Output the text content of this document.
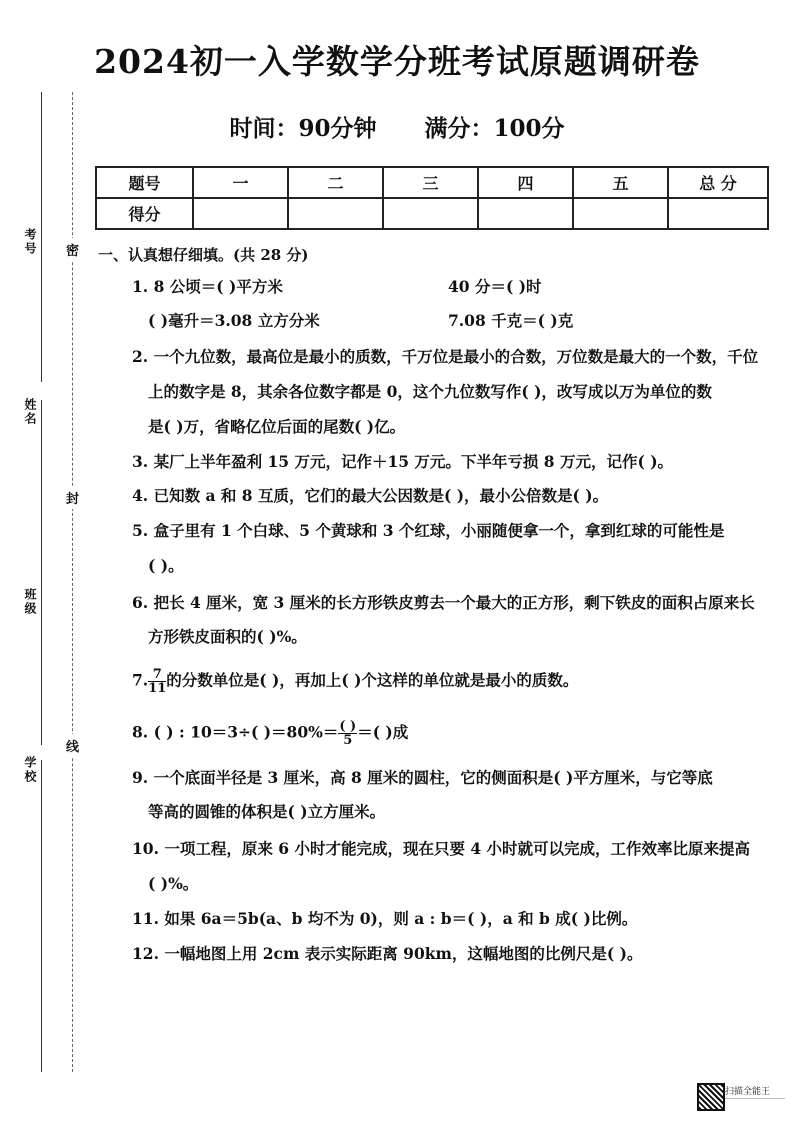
2024初一入学数学分班考试原题调研卷
时间：90分钟 满分：100分
题号	一	二	三	四	五	总 分
得分						
考号
姓名
班级
学校
密
封
线
一、认真想仔细填。(共 28 分)
1. 8 公顷＝( )平方米	40 分＝( )时
( )毫升＝3.08 立方分米	7.08 千克＝( )克
2. 一个九位数，最高位是最小的质数，千万位是最小的合数，万位数是最大的一个数，千位
上的数字是 8，其余各位数字都是 0，这个九位数写作( )，改写成以万为单位的数
是( )万，省略亿位后面的尾数( )亿。
3. 某厂上半年盈利 15 万元，记作＋15 万元。下半年亏损 8 万元，记作( )。
4. 已知数 a 和 8 互质，它们的最大公因数是( )，最小公倍数是( )。
5. 盒子里有 1 个白球、5 个黄球和 3 个红球，小丽随便拿一个，拿到红球的可能性是
( )。
6. 把长 4 厘米，宽 3 厘米的长方形铁皮剪去一个最大的正方形，剩下铁皮的面积占原来长
方形铁皮面积的( )%。
7. $\frac{7}{11}$ 的分数单位是( )，再加上( )个这样的单位就是最小的质数。
8. ( ) : 10＝3÷( )$=80\%= \frac{( )}{5}$ ＝( )成
9. 一个底面半径是 3 厘米，高 8 厘米的圆柱，它的侧面积是( )平方厘米，与它等底
等高的圆锥的体积是( )立方厘米。
10. 一项工程，原来 6 小时才能完成，现在只要 4 小时就可以完成，工作效率比原来提高
( )%。
11. 如果 6a＝5b(a、b 均不为 0)，则 a : b＝( )，a 和 b 成( )比例。
12. 一幅地图上用 2cm 表示实际距离 90km，这幅地图的比例尺是( )。
扫描全能王
